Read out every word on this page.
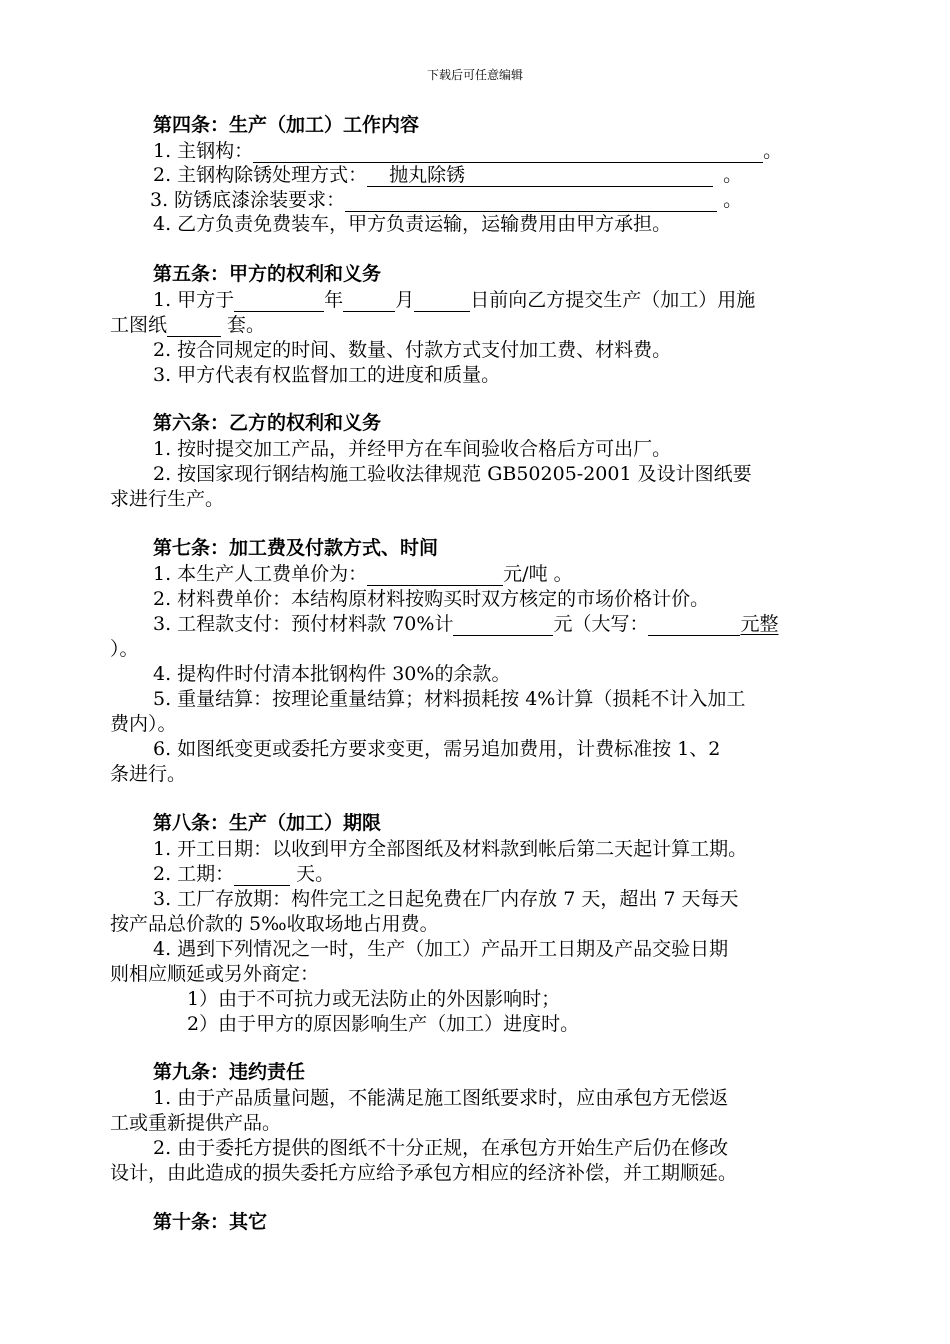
下载后可任意编辑
第四条：生产（加工）工作内容
1. 主钢构：	。
2. 主钢构除锈处理方式： 抛丸除锈	。
3. 防锈底漆涂装要求：	。
4. 乙方负责免费装车，甲方负责运输，运输费用由甲方承担。
第五条：甲方的权利和义务
1. 甲方于	年	月	日前向乙方提交生产（加工）用施
工图纸	套。
2. 按合同规定的时间、数量、付款方式支付加工费、材料费。
3. 甲方代表有权监督加工的进度和质量。
第六条：乙方的权利和义务
1. 按时提交加工产品，并经甲方在车间验收合格后方可出厂。
2. 按国家现行钢结构施工验收法律规范 GB50205-2001 及设计图纸要
求进行生产。
第七条：加工费及付款方式、时间
1. 本生产人工费单价为：	元/吨 。
2. 材料费单价：本结构原材料按购买时双方核定的市场价格计价。
3. 工程款支付：预付材料款 70%计	元（大写：	元整
）。
4. 提构件时付清本批钢构件 30%的余款。
5. 重量结算：按理论重量结算；材料损耗按 4%计算（损耗不计入加工
费内）。
6. 如图纸变更或委托方要求变更，需另追加费用，计费标准按 1、2
条进行。
第八条：生产（加工）期限
1. 开工日期：以收到甲方全部图纸及材料款到帐后第二天起计算工期。
2. 工期：	天。
3. 工厂存放期：构件完工之日起免费在厂内存放 7 天，超出 7 天每天
按产品总价款的 5‰收取场地占用费。
4. 遇到下列情况之一时，生产（加工）产品开工日期及产品交验日期
则相应顺延或另外商定：
1）由于不可抗力或无法防止的外因影响时；
2）由于甲方的原因影响生产（加工）进度时。
第九条：违约责任
1. 由于产品质量问题，不能满足施工图纸要求时，应由承包方无偿返
工或重新提供产品。
2. 由于委托方提供的图纸不十分正规，在承包方开始生产后仍在修改
设计，由此造成的损失委托方应给予承包方相应的经济补偿，并工期顺延。
第十条：其它
